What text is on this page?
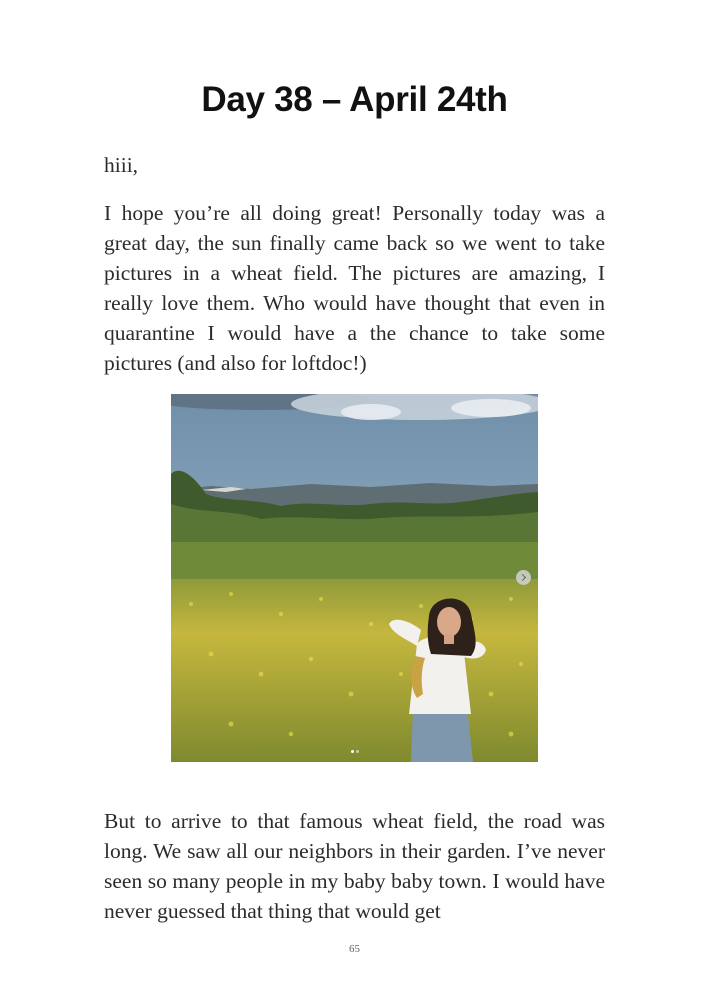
Day 38 – April 24th

hiii,

I hope you’re all doing great! Personally today was a great day, the sun finally came back so we went to take pictures in a wheat field. The pictures are amazing, I really love them. Who would have thought that even in quarantine I would have a the chance to take some pictures (and also for loftdoc!)

But to arrive to that famous wheat field, the road was long. We saw all our neighbors in their garden. I’ve never seen so many people in my baby baby town. I would have never guessed that thing that would get

65
